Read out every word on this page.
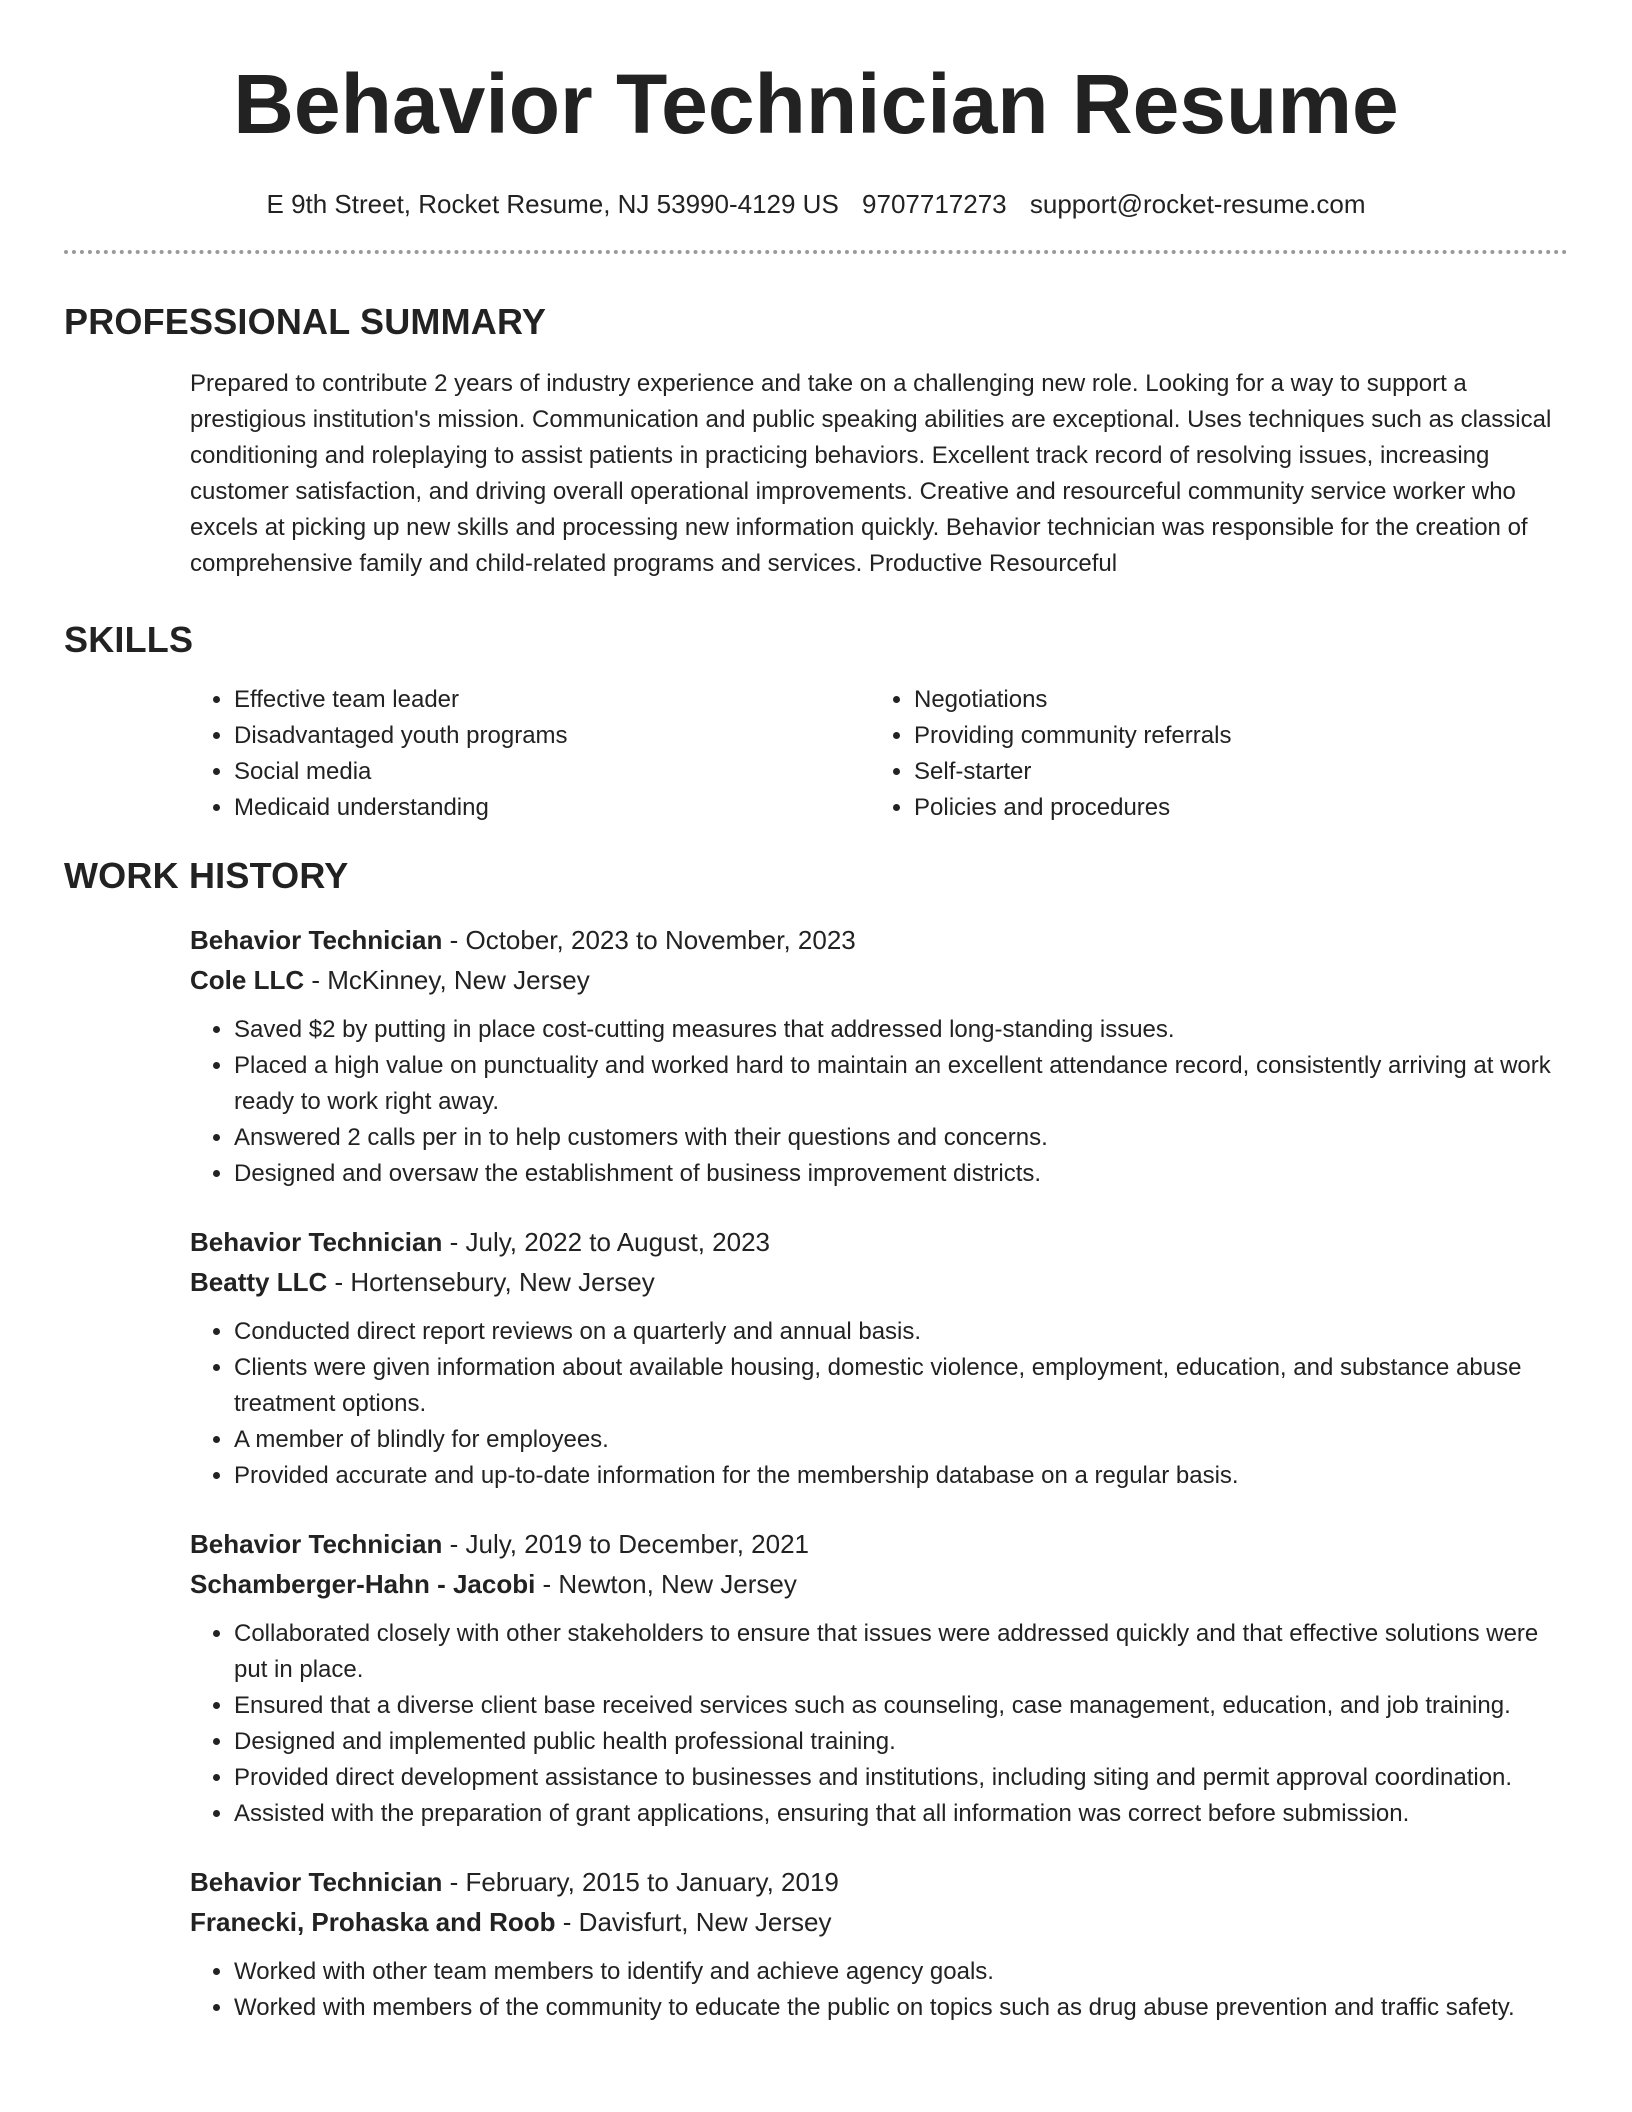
Behavior Technician Resume
E 9th Street, Rocket Resume, NJ 53990-4129 US 9707717273 support@rocket-resume.com
PROFESSIONAL SUMMARY
Prepared to contribute 2 years of industry experience and take on a challenging new role. Looking for a way to support a prestigious institution's mission. Communication and public speaking abilities are exceptional. Uses techniques such as classical conditioning and roleplaying to assist patients in practicing behaviors. Excellent track record of resolving issues, increasing customer satisfaction, and driving overall operational improvements. Creative and resourceful community service worker who excels at picking up new skills and processing new information quickly. Behavior technician was responsible for the creation of comprehensive family and child-related programs and services. Productive Resourceful
SKILLS
• Effective team leader
• Disadvantaged youth programs
• Social media
• Medicaid understanding
• Negotiations
• Providing community referrals
• Self-starter
• Policies and procedures
WORK HISTORY
Behavior Technician - October, 2023 to November, 2023
Cole LLC - McKinney, New Jersey
• Saved $2 by putting in place cost-cutting measures that addressed long-standing issues.
• Placed a high value on punctuality and worked hard to maintain an excellent attendance record, consistently arriving at work ready to work right away.
• Answered 2 calls per in to help customers with their questions and concerns.
• Designed and oversaw the establishment of business improvement districts.
Behavior Technician - July, 2022 to August, 2023
Beatty LLC - Hortensebury, New Jersey
• Conducted direct report reviews on a quarterly and annual basis.
• Clients were given information about available housing, domestic violence, employment, education, and substance abuse treatment options.
• A member of blindly for employees.
• Provided accurate and up-to-date information for the membership database on a regular basis.
Behavior Technician - July, 2019 to December, 2021
Schamberger-Hahn - Jacobi - Newton, New Jersey
• Collaborated closely with other stakeholders to ensure that issues were addressed quickly and that effective solutions were put in place.
• Ensured that a diverse client base received services such as counseling, case management, education, and job training.
• Designed and implemented public health professional training.
• Provided direct development assistance to businesses and institutions, including siting and permit approval coordination.
• Assisted with the preparation of grant applications, ensuring that all information was correct before submission.
Behavior Technician - February, 2015 to January, 2019
Franecki, Prohaska and Roob - Davisfurt, New Jersey
• Worked with other team members to identify and achieve agency goals.
• Worked with members of the community to educate the public on topics such as drug abuse prevention and traffic safety.
